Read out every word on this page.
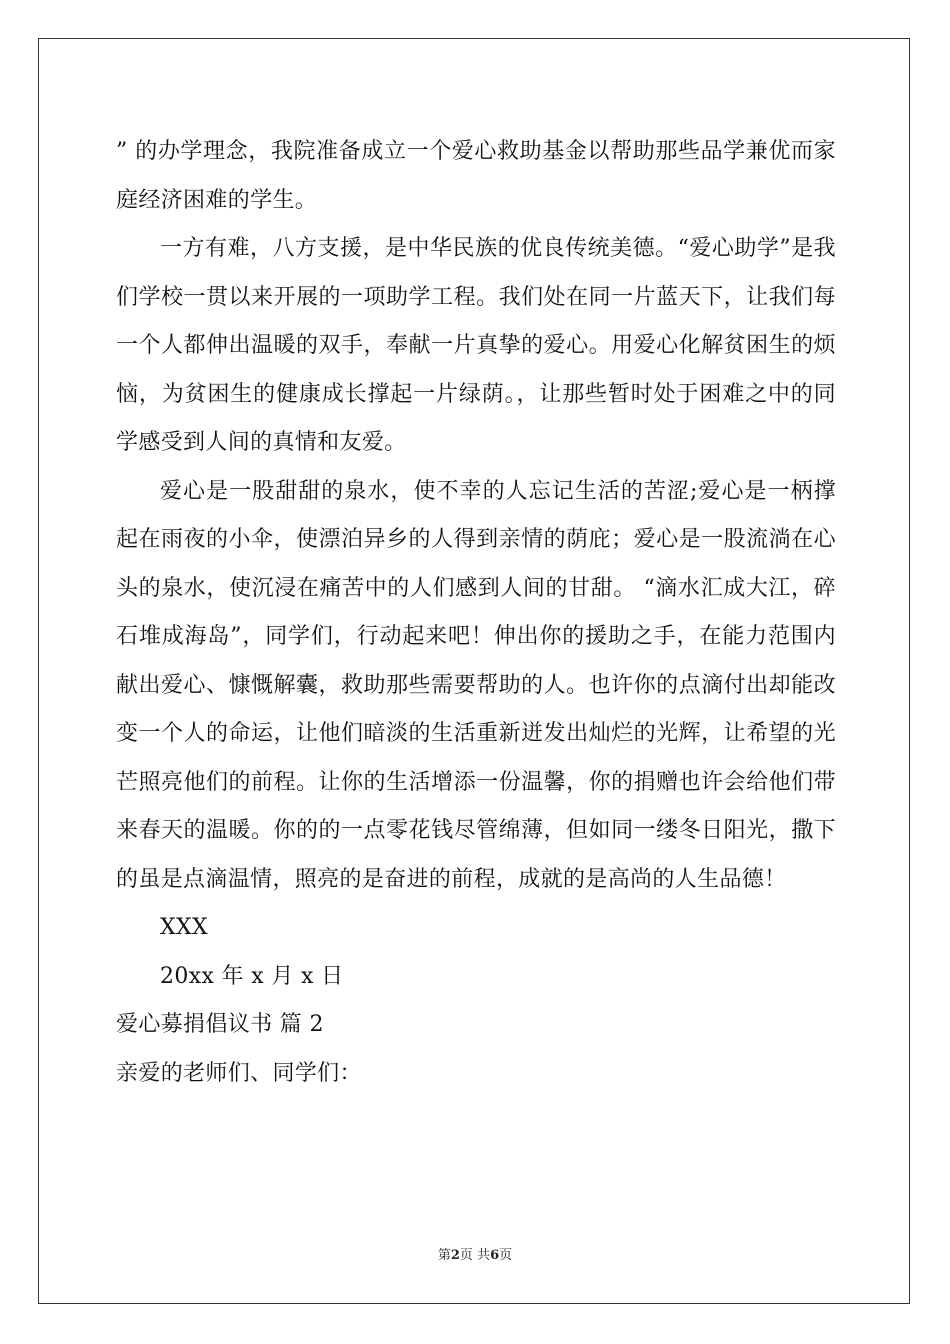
” 的办学理念，我院准备成立一个爱心救助基金以帮助那些品学兼优而家庭经济困难的学生。

一方有难，八方支援，是中华民族的优良传统美德。“爱心助学”是我们学校一贯以来开展的一项助学工程。我们处在同一片蓝天下，让我们每一个人都伸出温暖的双手，奉献一片真挚的爱心。用爱心化解贫困生的烦恼，为贫困生的健康成长撑起一片绿荫。，让那些暂时处于困难之中的同学感受到人间的真情和友爱。

爱心是一股甜甜的泉水，使不幸的人忘记生活的苦涩;爱心是一柄撑起在雨夜的小伞，使漂泊异乡的人得到亲情的荫庇；爱心是一股流淌在心头的泉水，使沉浸在痛苦中的人们感到人间的甘甜。 “滴水汇成大江，碎石堆成海岛”，同学们，行动起来吧！伸出你的援助之手，在能力范围内献出爱心、慷慨解囊，救助那些需要帮助的人。也许你的点滴付出却能改变一个人的命运，让他们暗淡的生活重新迸发出灿烂的光辉，让希望的光芒照亮他们的前程。让你的生活增添一份温馨，你的捐赠也许会给他们带来春天的温暖。你的的一点零花钱尽管绵薄，但如同一缕冬日阳光，撒下的虽是点滴温情，照亮的是奋进的前程，成就的是高尚的人生品德！

XXX

20xx 年 x 月 x 日

爱心募捐倡议书 篇 2

亲爱的老师们、同学们：

第2页 共6页
